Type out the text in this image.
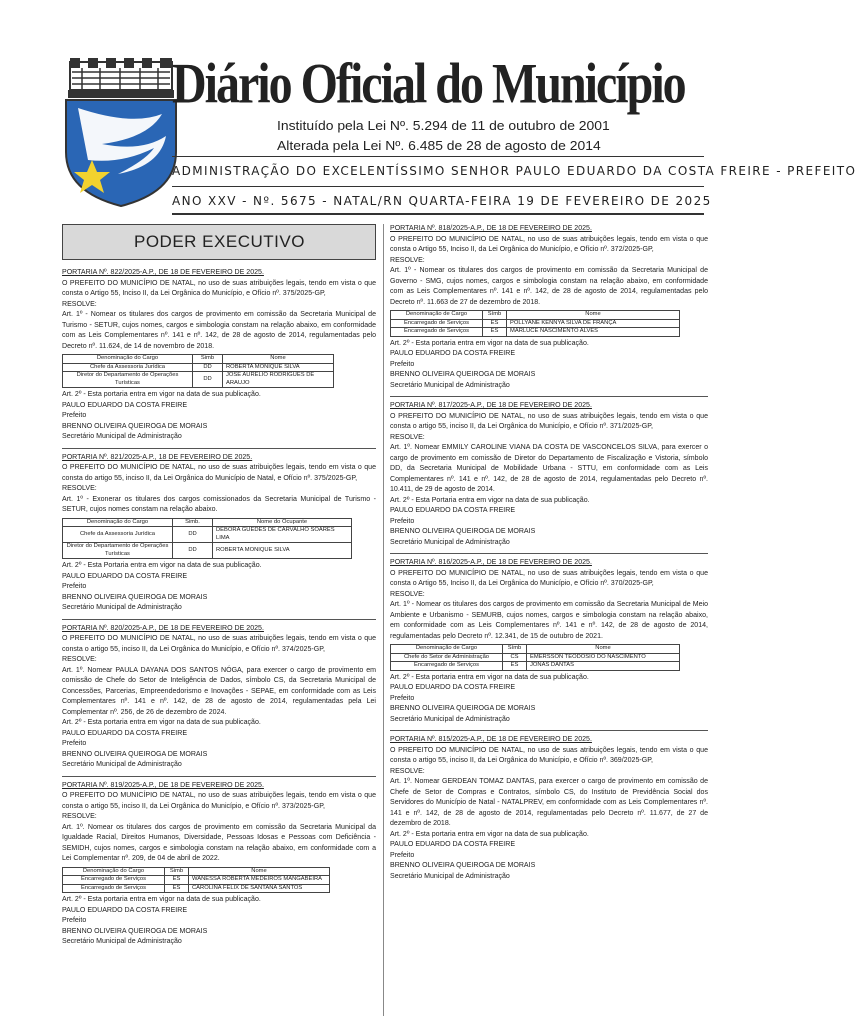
Diário Oficial do Município
Instituído pela Lei Nº. 5.294 de 11 de outubro de 2001
Alterada pela Lei Nº. 6.485 de 28 de agosto de 2014
ADMINISTRAÇÃO DO EXCELENTÍSSIMO SENHOR PAULO EDUARDO DA COSTA FREIRE - PREFEITO
ANO XXV - Nº. 5675 - NATAL/RN QUARTA-FEIRA 19 DE FEVEREIRO DE 2025
PODER EXECUTIVO
PORTARIA Nº. 822/2025-A.P., DE 18 DE FEVEREIRO DE 2025.

O PREFEITO DO MUNICÍPIO DE NATAL, no uso de suas atribuições legais, tendo em vista o que consta o Artigo 55, Inciso II, da Lei Orgânica do Município, e Ofício nº. 375/2025-GP,

RESOLVE:

Art. 1º - Nomear os titulares dos cargos de provimento em comissão da Secretaria Municipal de Turismo - SETUR, cujos nomes, cargos e simbologia constam na relação abaixo, em conformidade com as Leis Complementares nº. 141 e nº. 142, de 28 de agosto de 2014, regulamentadas pelo Decreto nº. 11.624, de 14 de novembro de 2018.

Denominação do Cargo	Simb	Nome
Chefe da Assessoria Jurídica	DD	ROBERTA MONIQUE SILVA
Diretor do Departamento de Operações Turísticas	DD	JOSE AURELIO RODRIGUES DE ARAUJO
Art. 2º - Esta portaria entra em vigor na data de sua publicação.
PAULO EDUARDO DA COSTA FREIRE
Prefeito
BRENNO OLIVEIRA QUEIROGA DE MORAIS
Secretário Municipal de Administração
PORTARIA Nº. 821/2025-A.P., 18 DE FEVEREIRO DE 2025.

O PREFEITO DO MUNICÍPIO DE NATAL, no uso de suas atribuições legais, tendo em vista o que consta do artigo 55, inciso II, da Lei Orgânica do Município de Natal, e Ofício nº. 375/2025-GP,

RESOLVE:

Art. 1º - Exonerar os titulares dos cargos comissionados da Secretaria Municipal de Turismo - SETUR, cujos nomes constam na relação abaixo.

Denominação do Cargo	Simb.	Nome do Ocupante
Chefe da Assessoria Jurídica	DD	DÉBORA GUEDES DE CARVALHO SOARES LIMA
Diretor do Departamento de Operações Turísticas	DD	ROBERTA MONIQUE SILVA
Art. 2º - Esta Portaria entra em vigor na data de sua publicação.
PAULO EDUARDO DA COSTA FREIRE
Prefeito
BRENNO OLIVEIRA QUEIROGA DE MORAIS
Secretário Municipal de Administração
PORTARIA Nº. 820/2025-A.P., DE 18 DE FEVEREIRO DE 2025.

O PREFEITO DO MUNICÍPIO DE NATAL, no uso de suas atribuições legais, tendo em vista o que consta o artigo 55, inciso II, da Lei Orgânica do Município, e Ofício nº. 374/2025-GP,

RESOLVE:

Art. 1º. Nomear PAULA DAYANA DOS SANTOS NÓGA, para exercer o cargo de provimento em comissão de Chefe do Setor de Inteligência de Dados, símbolo CS, da Secretaria Municipal de Concessões, Parcerias, Empreendedorismo e Inovações - SEPAE, em conformidade com as Leis Complementares nº. 141 e nº. 142, de 28 de agosto de 2014, regulamentadas pela Lei Complementar nº. 256, de 26 de dezembro de 2024.

Art. 2º - Esta portaria entra em vigor na data de sua publicação.
PAULO EDUARDO DA COSTA FREIRE
Prefeito
BRENNO OLIVEIRA QUEIROGA DE MORAIS
Secretário Municipal de Administração
PORTARIA Nº. 819/2025-A.P., DE 18 DE FEVEREIRO DE 2025.

O PREFEITO DO MUNICÍPIO DE NATAL, no uso de suas atribuições legais, tendo em vista o que consta o artigo 55, inciso II, da Lei Orgânica do Município, e Ofício nº. 373/2025-GP,

RESOLVE:

Art. 1º. Nomear os titulares dos cargos de provimento em comissão da Secretaria Municipal da Igualdade Racial, Direitos Humanos, Diversidade, Pessoas Idosas e Pessoas com Deficiência - SEMIDH, cujos nomes, cargos e simbologia constam na relação abaixo, em conformidade com a Lei Complementar nº. 209, de 04 de abril de 2022.

Denominação do Cargo	Simb	Nome
Encarregado de Serviços	ES	WANESSA ROBERTA MEDEIROS MANGABEIRA
Encarregado de Serviços	ES	CAROLINA FELIX DE SANTANA SANTOS
Art. 2º - Esta portaria entra em vigor na data de sua publicação.
PAULO EDUARDO DA COSTA FREIRE
Prefeito
BRENNO OLIVEIRA QUEIROGA DE MORAIS
Secretário Municipal de Administração
PORTARIA Nº. 818/2025-A.P., DE 18 DE FEVEREIRO DE 2025.

O PREFEITO DO MUNICÍPIO DE NATAL, no uso de suas atribuições legais, tendo em vista o que consta o Artigo 55, Inciso II, da Lei Orgânica do Município, e Ofício nº. 372/2025-GP,

RESOLVE:

Art. 1º - Nomear os titulares dos cargos de provimento em comissão da Secretaria Municipal de Governo - SMG, cujos nomes, cargos e simbologia constam na relação abaixo, em conformidade com as Leis Complementares nº. 141 e nº. 142, de 28 de agosto de 2014, regulamentadas pelo Decreto nº. 11.663 de 27 de dezembro de 2018.

Denominação de Cargo	Símb	Nome
Encarregado de Serviços	ES	POLLYANE KENNYA SILVA DE FRANÇA
Encarregado de Serviços	ES	MARLUCE NASCIMENTO ALVES
Art. 2º - Esta portaria entra em vigor na data de sua publicação.
PAULO EDUARDO DA COSTA FREIRE
Prefeito
BRENNO OLIVEIRA QUEIROGA DE MORAIS
Secretário Municipal de Administração
PORTARIA Nº. 817/2025-A.P., DE 18 DE FEVEREIRO DE 2025.

O PREFEITO DO MUNICÍPIO DE NATAL, no uso de suas atribuições legais, tendo em vista o que consta o artigo 55, inciso II, da Lei Orgânica do Município, e Ofício nº. 371/2025-GP,

RESOLVE:

Art. 1º. Nomear EMMILY CAROLINE VIANA DA COSTA DE VASCONCELOS SILVA, para exercer o cargo de provimento em comissão de Diretor do Departamento de Fiscalização e Vistoria, símbolo DD, da Secretaria Municipal de Mobilidade Urbana - STTU, em conformidade com as Leis Complementares nº. 141 e nº. 142, de 28 de agosto de 2014, regulamentadas pelo Decreto nº. 10.411, de 29 de agosto de 2014.

Art. 2º - Esta Portaria entra em vigor na data de sua publicação.
PAULO EDUARDO DA COSTA FREIRE
Prefeito
BRENNO OLIVEIRA QUEIROGA DE MORAIS
Secretário Municipal de Administração
PORTARIA Nº. 816/2025-A.P., DE 18 DE FEVEREIRO DE 2025.

O PREFEITO DO MUNICÍPIO DE NATAL, no uso de suas atribuições legais, tendo em vista o que consta o Artigo 55, Inciso II, da Lei Orgânica do Município, e Ofício nº. 370/2025-GP,

RESOLVE:

Art. 1º - Nomear os titulares dos cargos de provimento em comissão da Secretaria Municipal de Meio Ambiente e Urbanismo - SEMURB, cujos nomes, cargos e simbologia constam na relação abaixo, em conformidade com as Leis Complementares nº. 141 e nº. 142, de 28 de agosto de 2014, regulamentadas pelo Decreto nº. 12.341, de 15 de outubro de 2021.

Denominação de Cargo	Símb	Nome
Chefe do Setor de Administração	CS	EMERSSON TEODOSIO DO NASCIMENTO
Encarregado de Serviços	ES	JONAS DANTAS
Art. 2º - Esta portaria entra em vigor na data de sua publicação.
PAULO EDUARDO DA COSTA FREIRE
Prefeito
BRENNO OLIVEIRA QUEIROGA DE MORAIS
Secretário Municipal de Administração
PORTARIA Nº. 815/2025-A.P., DE 18 DE FEVEREIRO DE 2025.

O PREFEITO DO MUNICÍPIO DE NATAL, no uso de suas atribuições legais, tendo em vista o que consta o artigo 55, inciso II, da Lei Orgânica do Município, e Ofício nº. 369/2025-GP,

RESOLVE:

Art. 1º. Nomear GERDEAN TOMAZ DANTAS, para exercer o cargo de provimento em comissão de Chefe de Setor de Compras e Contratos, símbolo CS, do Instituto de Previdência Social dos Servidores do Município de Natal - NATALPREV, em conformidade com as Leis Complementares nº. 141 e nº. 142, de 28 de agosto de 2014, regulamentadas pelo Decreto nº. 11.677, de 27 de dezembro de 2018.

Art. 2º - Esta portaria entra em vigor na data de sua publicação.
PAULO EDUARDO DA COSTA FREIRE
Prefeito
BRENNO OLIVEIRA QUEIROGA DE MORAIS
Secretário Municipal de Administração
